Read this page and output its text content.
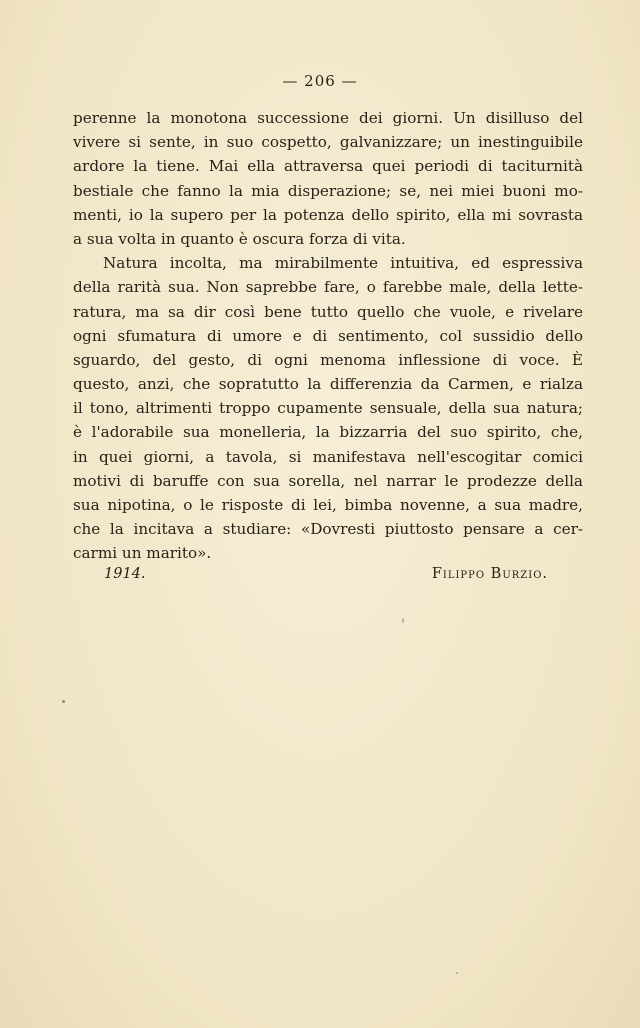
— 206 —
perenne la monotona successione dei giorni. Un disilluso del
vivere si sente, in suo cospetto, galvanizzare; un inestinguibile
ardore la tiene. Mai ella attraversa quei periodi di taciturnità
bestiale che fanno la mia disperazione; se, nei miei buoni mo-
menti, io la supero per la potenza dello spirito, ella mi sovrasta
a sua volta in quanto è oscura forza di vita.
Natura incolta, ma mirabilmente intuitiva, ed espressiva
della rarità sua. Non saprebbe fare, o farebbe male, della lette-
ratura, ma sa dir così bene tutto quello che vuole, e rivelare
ogni sfumatura di umore e di sentimento, col sussidio dello
sguardo, del gesto, di ogni menoma inflessione di voce. È
questo, anzi, che sopratutto la differenzia da Carmen, e rialza
il tono, altrimenti troppo cupamente sensuale, della sua natura;
è l'adorabile sua monelleria, la bizzarria del suo spirito, che,
in quei giorni, a tavola, si manifestava nell'escogitar comici
motivi di baruffe con sua sorella, nel narrar le prodezze della
sua nipotina, o le risposte di lei, bimba novenne, a sua madre,
che la incitava a studiare: «Dovresti piuttosto pensare a cer-
carmi un marito».
1914.	Filippo Burzio.
